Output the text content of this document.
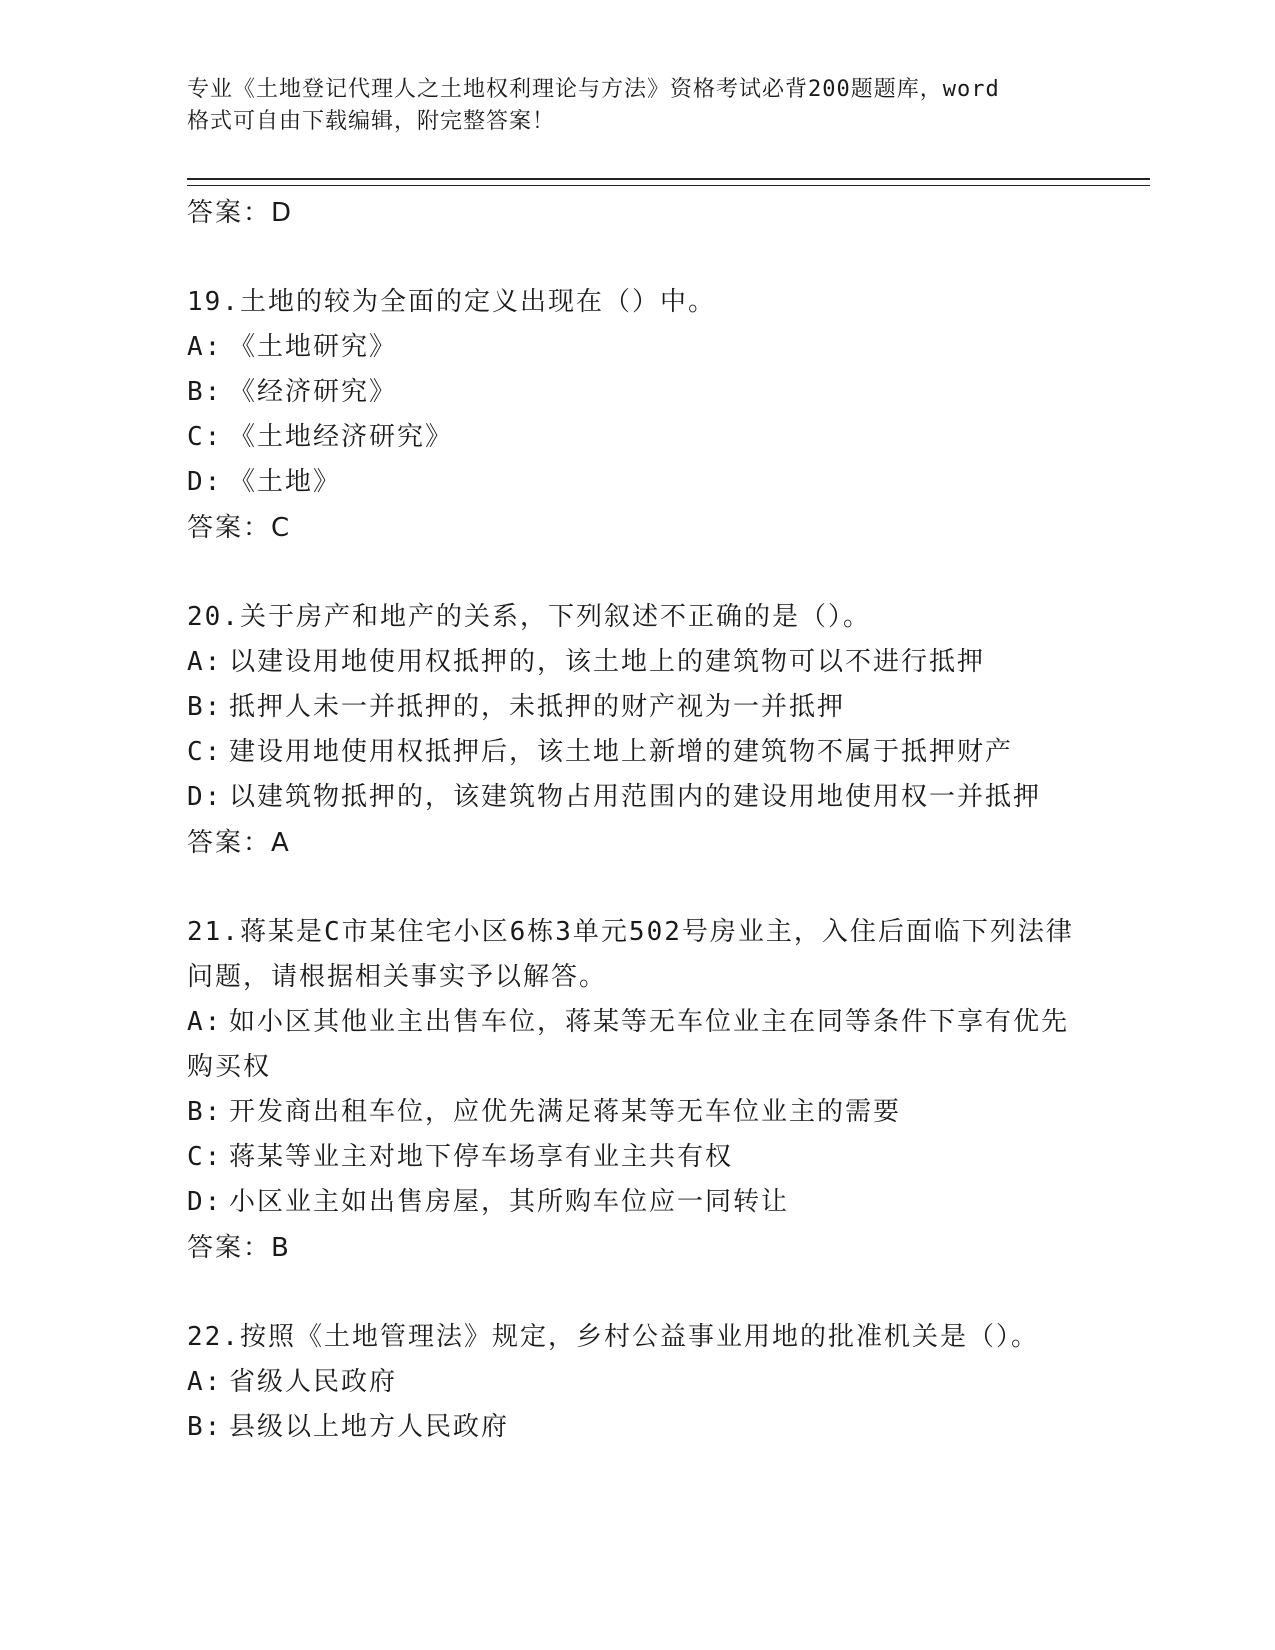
专业《土地登记代理人之土地权利理论与方法》资格考试必背200题题库，word
格式可自由下载编辑，附完整答案！
答案：D
19.土地的较为全面的定义出现在（）中。
A: 《土地研究》
B: 《经济研究》
C: 《土地经济研究》
D: 《土地》
答案：C
20.关于房产和地产的关系，下列叙述不正确的是（）。
A: 以建设用地使用权抵押的，该土地上的建筑物可以不进行抵押
B: 抵押人未一并抵押的，未抵押的财产视为一并抵押
C: 建设用地使用权抵押后，该土地上新增的建筑物不属于抵押财产
D: 以建筑物抵押的，该建筑物占用范围内的建设用地使用权一并抵押
答案：A
21.蒋某是C市某住宅小区6栋3单元502号房业主，入住后面临下列法律问题，请根据相关事实予以解答。
A: 如小区其他业主出售车位，蒋某等无车位业主在同等条件下享有优先购买权
B: 开发商出租车位，应优先满足蒋某等无车位业主的需要
C: 蒋某等业主对地下停车场享有业主共有权
D: 小区业主如出售房屋，其所购车位应一同转让
答案：B
22.按照《土地管理法》规定，乡村公益事业用地的批准机关是（）。
A: 省级人民政府
B: 县级以上地方人民政府
